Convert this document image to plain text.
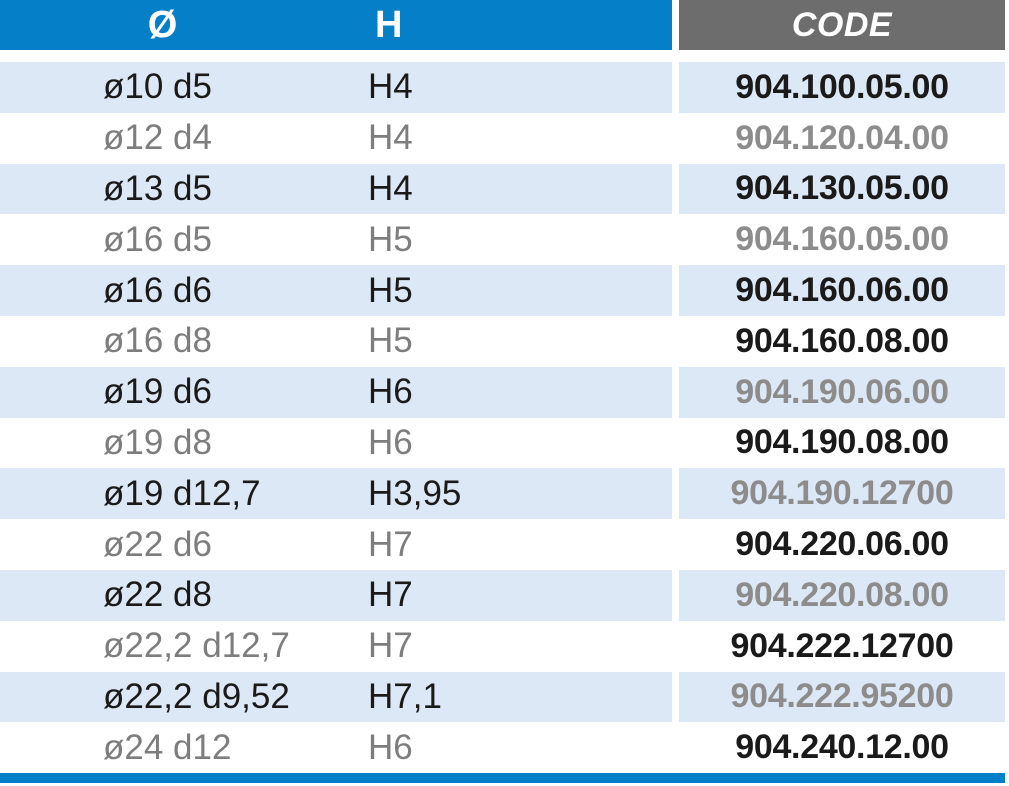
Ø	H	CODE
ø10 d5	H4	904.100.05.00
ø12 d4	H4	904.120.04.00
ø13 d5	H4	904.130.05.00
ø16 d5	H5	904.160.05.00
ø16 d6	H5	904.160.06.00
ø16 d8	H5	904.160.08.00
ø19 d6	H6	904.190.06.00
ø19 d8	H6	904.190.08.00
ø19 d12,7	H3,95	904.190.12700
ø22 d6	H7	904.220.06.00
ø22 d8	H7	904.220.08.00
ø22,2 d12,7	H7	904.222.12700
ø22,2 d9,52	H7,1	904.222.95200
ø24 d12	H6	904.240.12.00
